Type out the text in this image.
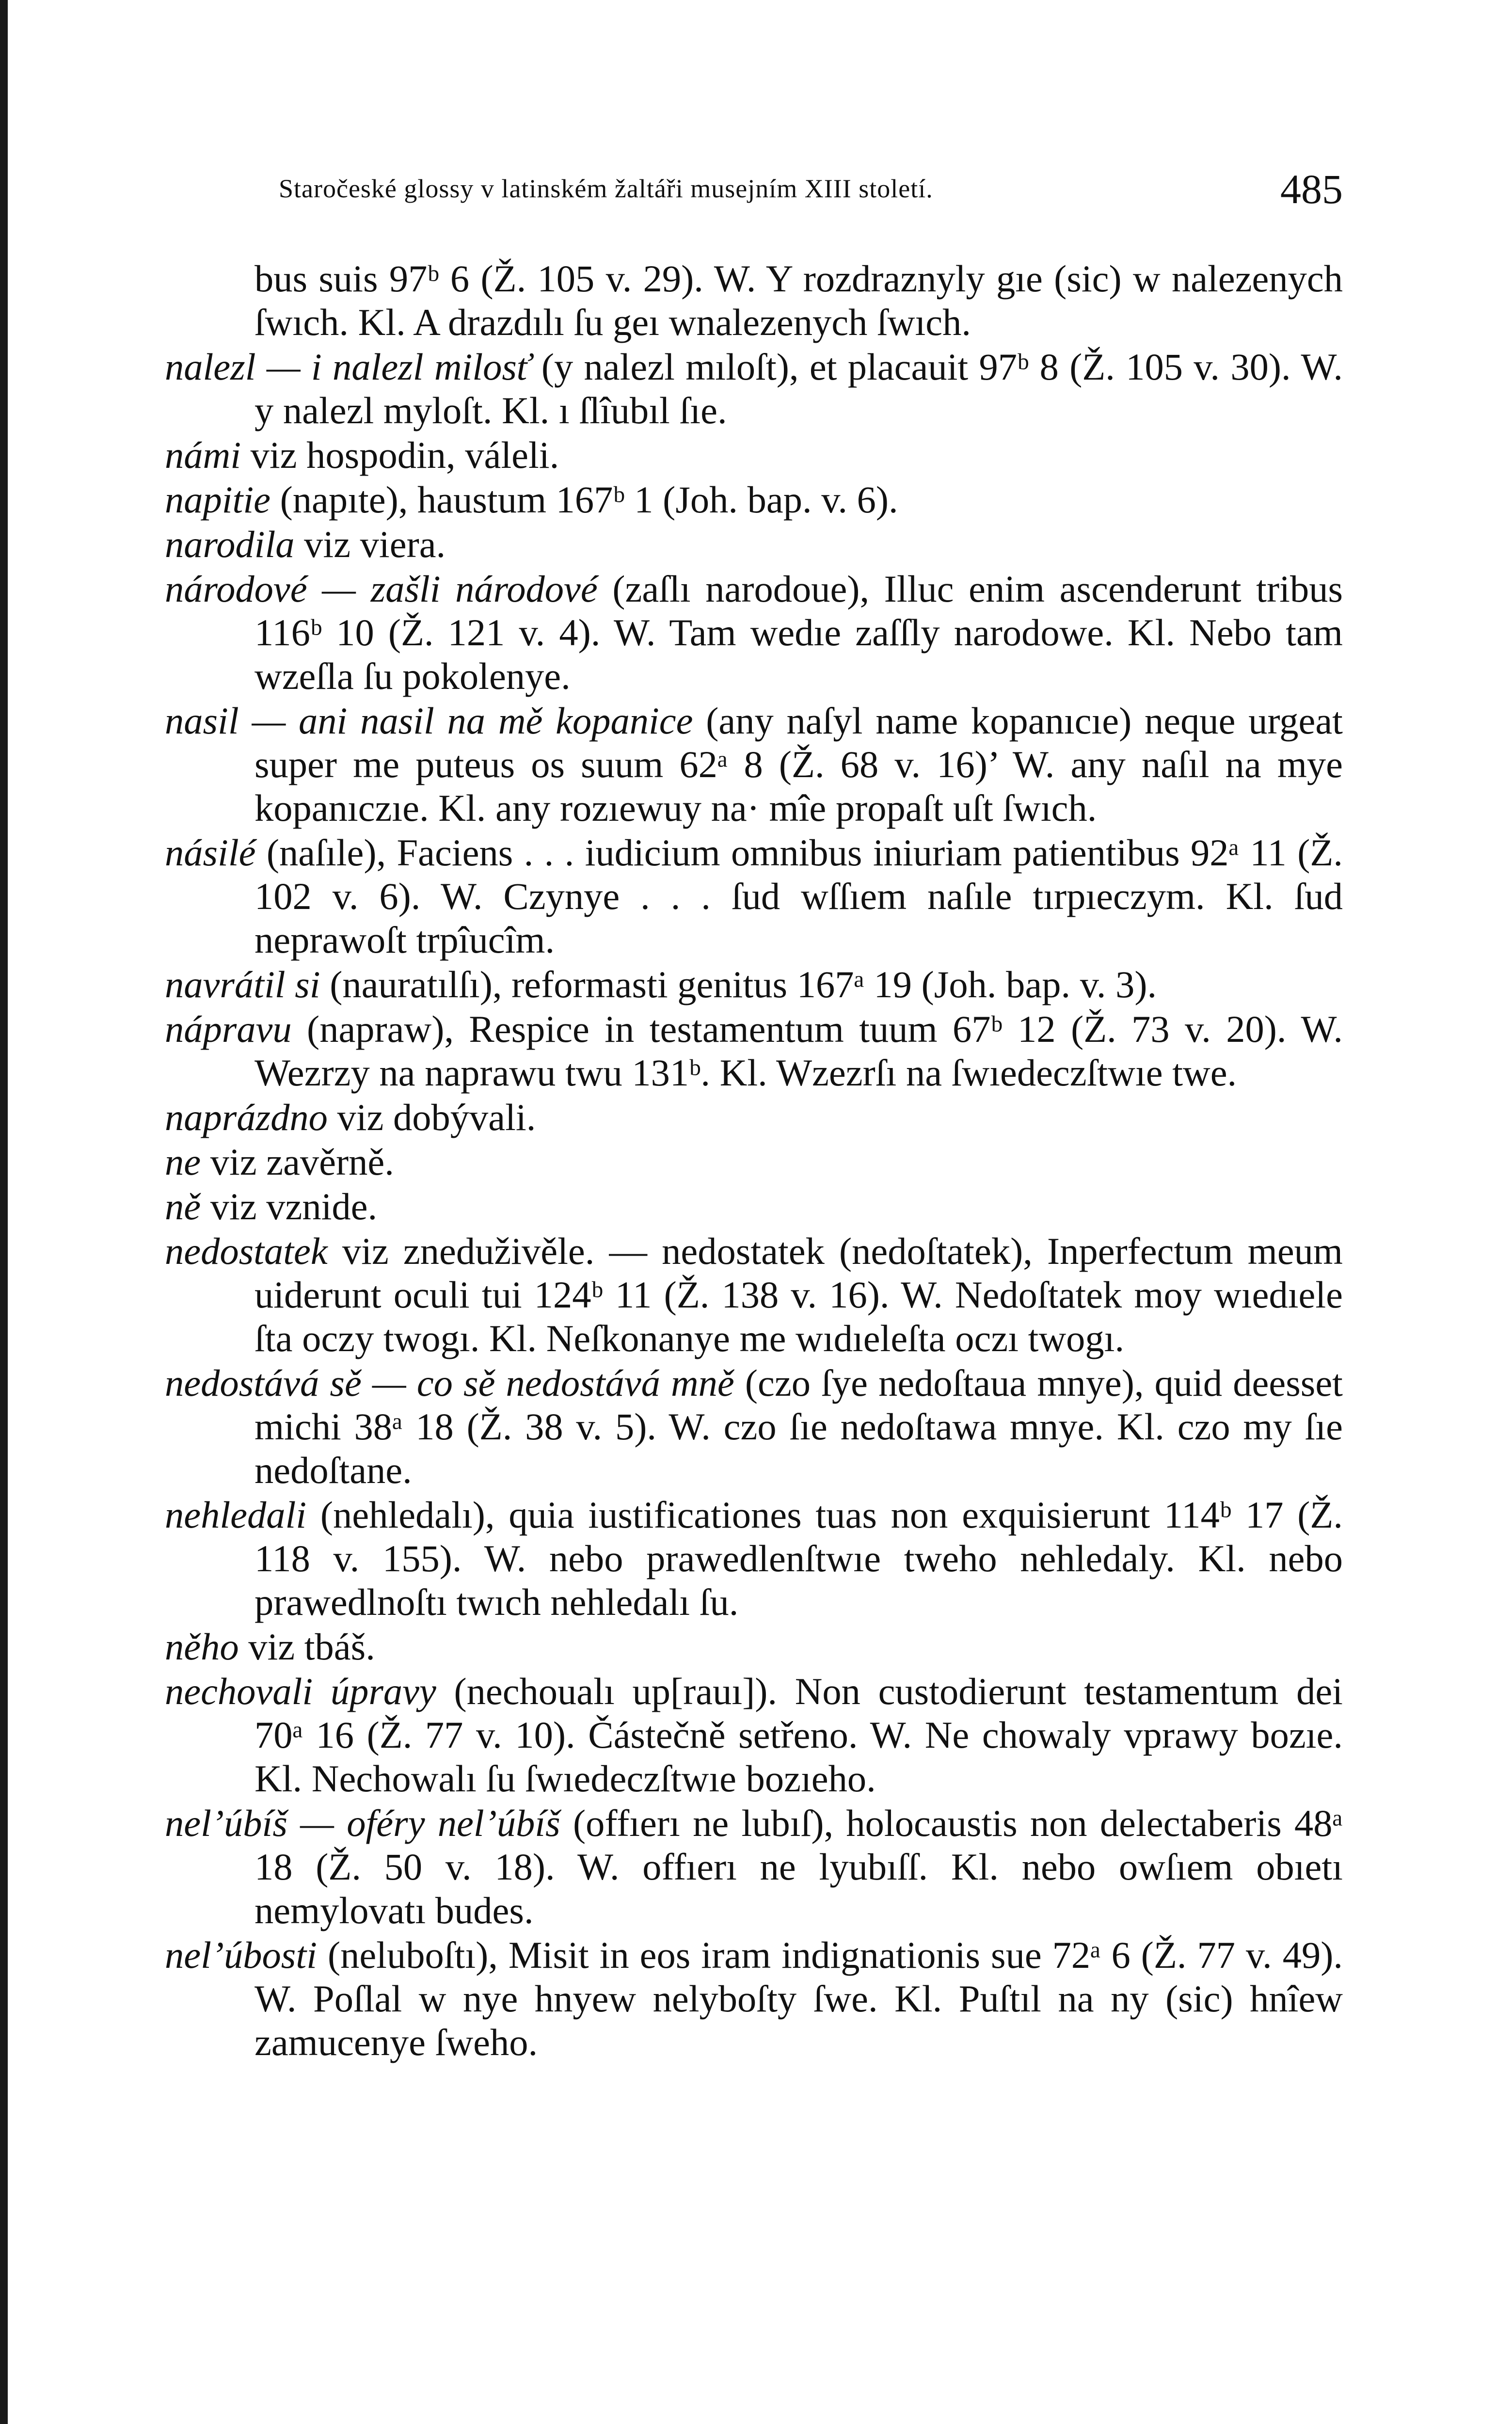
Staročeské glossy v latinském žaltáři musejním XIII století.	485

bus suis 97ᵇ 6 (Ž. 105 v. 29). W. Y rozdraznyly gıe (sic) w nalezenych ſwıch. Kl. A drazdılı ſu geı wnalezenych ſwıch.

nalezl — i nalezl milosť (y nalezl mıloſt), et placauit 97ᵇ 8 (Ž. 105 v. 30). W. y nalezl myloſt. Kl. ı ſlîubıl ſıe.

námi viz hospodin, váleli.

napitie (napıte), haustum 167ᵇ 1 (Joh. bap. v. 6).

narodila viz viera.

národové — zašli národové (zaſlı narodoue), Illuc enim ascenderunt tribus 116ᵇ 10 (Ž. 121 v. 4). W. Tam wedıe zaſſly narodowe. Kl. Nebo tam wzeſla ſu pokolenye.

nasil — ani nasil na mě kopanice (any naſyl name kopanıcıe) neque urgeat super me puteus os suum 62ᵃ 8 (Ž. 68 v. 16)’ W. any naſıl na mye kopanıczıe. Kl. any rozıewuy na· mîe propaſt uſt ſwıch.

násilé (naſıle), Faciens . . . iudicium omnibus iniuriam patientibus 92ᵃ 11 (Ž. 102 v. 6). W. Czynye . . . ſud wſſıem naſıle tırpıeczym. Kl. ſud neprawoſt trpîucîm.

navrátil si (nauratılſı), reformasti genitus 167ᵃ 19 (Joh. bap. v. 3).

nápravu (napraw), Respice in testamentum tuum 67ᵇ 12 (Ž. 73 v. 20). W. Wezrzy na naprawu twu 131ᵇ. Kl. Wzezrſı na ſwıedeczſtwıe twe.

naprázdno viz dobývali.

ne viz zavěrně.

ně viz vznide.

nedostatek viz zneduživěle. — nedostatek (nedoſtatek), Inperfectum meum uiderunt oculi tui 124ᵇ 11 (Ž. 138 v. 16). W. Nedoſtatek moy wıedıele ſta oczy twogı. Kl. Neſkonanye me wıdıeleſta oczı twogı.

nedostává sě — co sě nedostává mně (czo ſye nedoſtaua mnye), quid deesset michi 38ᵃ 18 (Ž. 38 v. 5). W. czo ſıe nedoſtawa mnye. Kl. czo my ſıe nedoſtane.

nehledali (nehledalı), quia iustificationes tuas non exquisierunt 114ᵇ 17 (Ž. 118 v. 155). W. nebo prawedlenſtwıe tweho nehledaly. Kl. nebo prawedlnoſtı twıch nehledalı ſu.

něho viz tbáš.

nechovali úpravy (nechoualı up[rauı]). Non custodierunt testamentum dei 70ᵃ 16 (Ž. 77 v. 10). Částečně setřeno. W. Ne chowaly vprawy bozıe. Kl. Nechowalı ſu ſwıedeczſtwıe bozıeho.

nel’úbíš — oféry nel’úbíš (offıerı ne lubıſ), holocaustis non delectaberis 48ᵃ 18 (Ž. 50 v. 18). W. offıerı ne lyubıſſ. Kl. nebo owſıem obıetı nemylovatı budes.

nel’úbosti (neluboſtı), Misit in eos iram indignationis sue 72ᵃ 6 (Ž. 77 v. 49). W. Poſlal w nye hnyew nelyboſty ſwe. Kl. Puſtıl na ny (sic) hnîew zamucenye ſweho.
